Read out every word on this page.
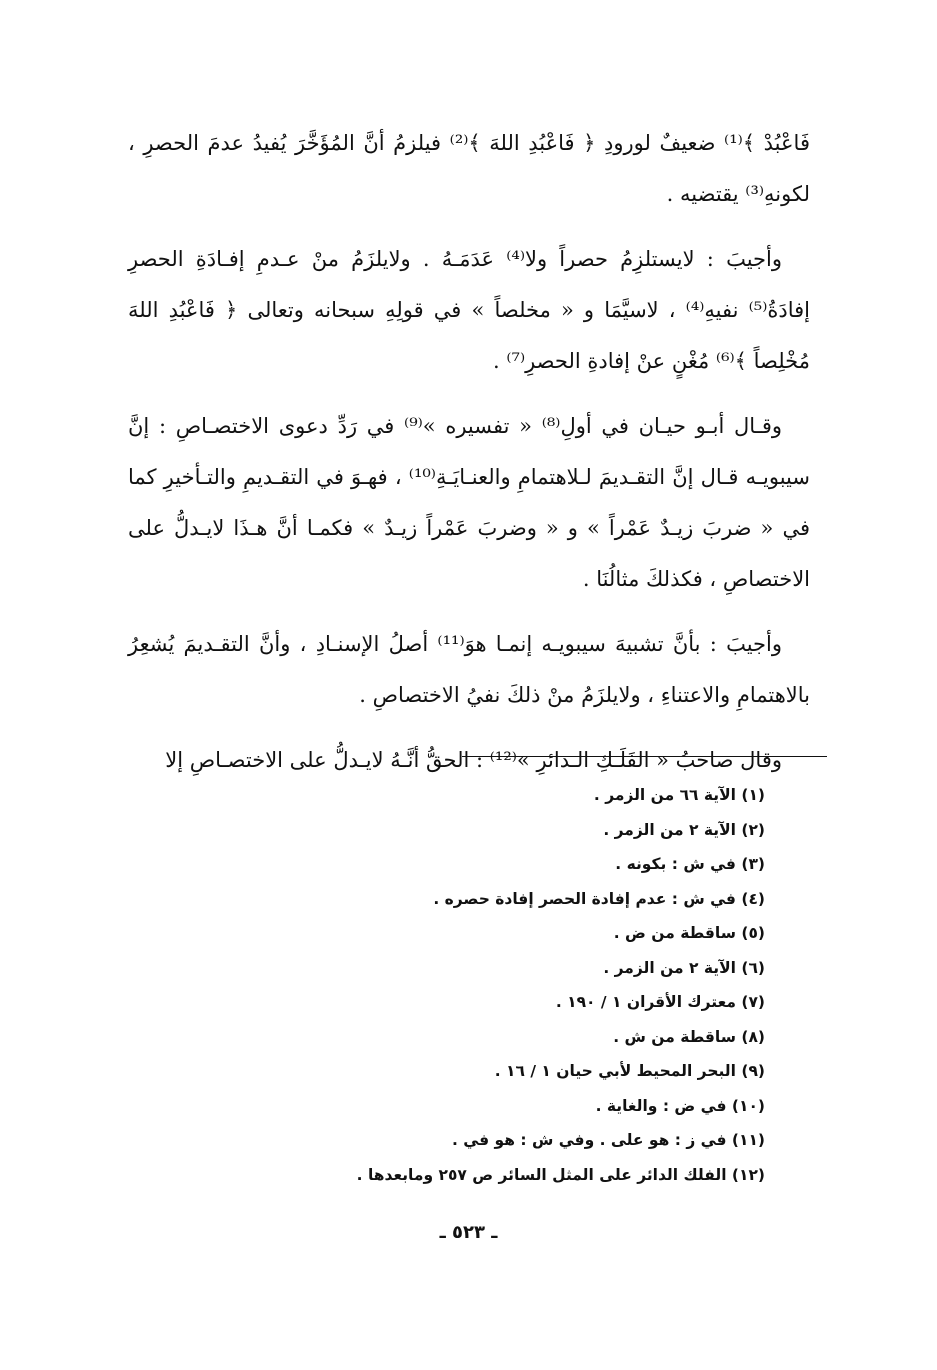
فَاعْبُدْ ﴾⁽¹⁾ ضعيفٌ لورودِ ﴿ فَاعْبُدِ اللهَ ﴾⁽²⁾ فيلزمُ أنَّ المُؤَخَّرَ يُفيدُ عدمَ الحصرِ ، لكونهِ⁽³⁾ يقتضيه .

وأجيبَ : لايستلزِمُ حصراً ولا⁽⁴⁾ عَدَمَـهُ . ولايلزَمُ منْ عـدمِ إفـادَةِ الحصرِ إفادَةُ⁽⁵⁾ نفيهِ⁽⁴⁾ ، لاسيَّمَا و « مخلصاً » في قولِهِ سبحانه وتعالى ﴿ فَاعْبُدِ اللهَ مُخْلِصاً ﴾⁽⁶⁾ مُغْنٍ عنْ إفادةِ الحصرِ⁽⁷⁾ .

وقـال أبـو حيـان في أولِ⁽⁸⁾ « تفسيره »⁽⁹⁾ في رَدِّ دعوى الاختصـاصِ : إنَّ سيبويـه قـال إنَّ التقـديمَ لـلاهتمامِ والعنـايَـةِ⁽¹⁰⁾ ، فهـوَ في التقـديمِ والتـأخيرِ كما في « ضربَ زيـدٌ عَمْراً » و « وضربَ عَمْراً زيـدٌ » فكمـا أنَّ هـذَا لايـدلُّ على الاختصاصِ ، فكذلكَ مثالُنَا .

وأجيبَ : بأنَّ تشبيهَ سيبويـه إنمـا هوَ⁽¹¹⁾ أصلُ الإسنـادِ ، وأنَّ التقـديمَ يُشعِرُ بالاهتمامِ والاعتناءِ ، ولايلزَمُ منْ ذلكَ نفيُ الاختصاصِ .

وقال صاحبُ « الفَلَـكِ الـدائرِ »⁽¹²⁾ : الحقُّ أنَّـهُ لايـدلُّ على الاختصـاصِ إلا

(١) الآية ٦٦ من الزمر .
(٢) الآية ٢ من الزمر .
(٣) في ش : بكونه .
(٤) في ش : عدم إفادة الحصر إفادة حصره .
(٥) ساقطة من ض .
(٦) الآية ٢ من الزمر .
(٧) معترك الأقران ١ / ١٩٠ .
(٨) ساقطة من ش .
(٩) البحر المحيط لأبي حيان ١ / ١٦ .
(١٠) في ض : والغاية .
(١١) في ز : هو على . وفي ش : هو في .
(١٢) الفلك الدائر على المثل السائر ص ٢٥٧ ومابعدها .
ـ ٥٢٣ ـ
